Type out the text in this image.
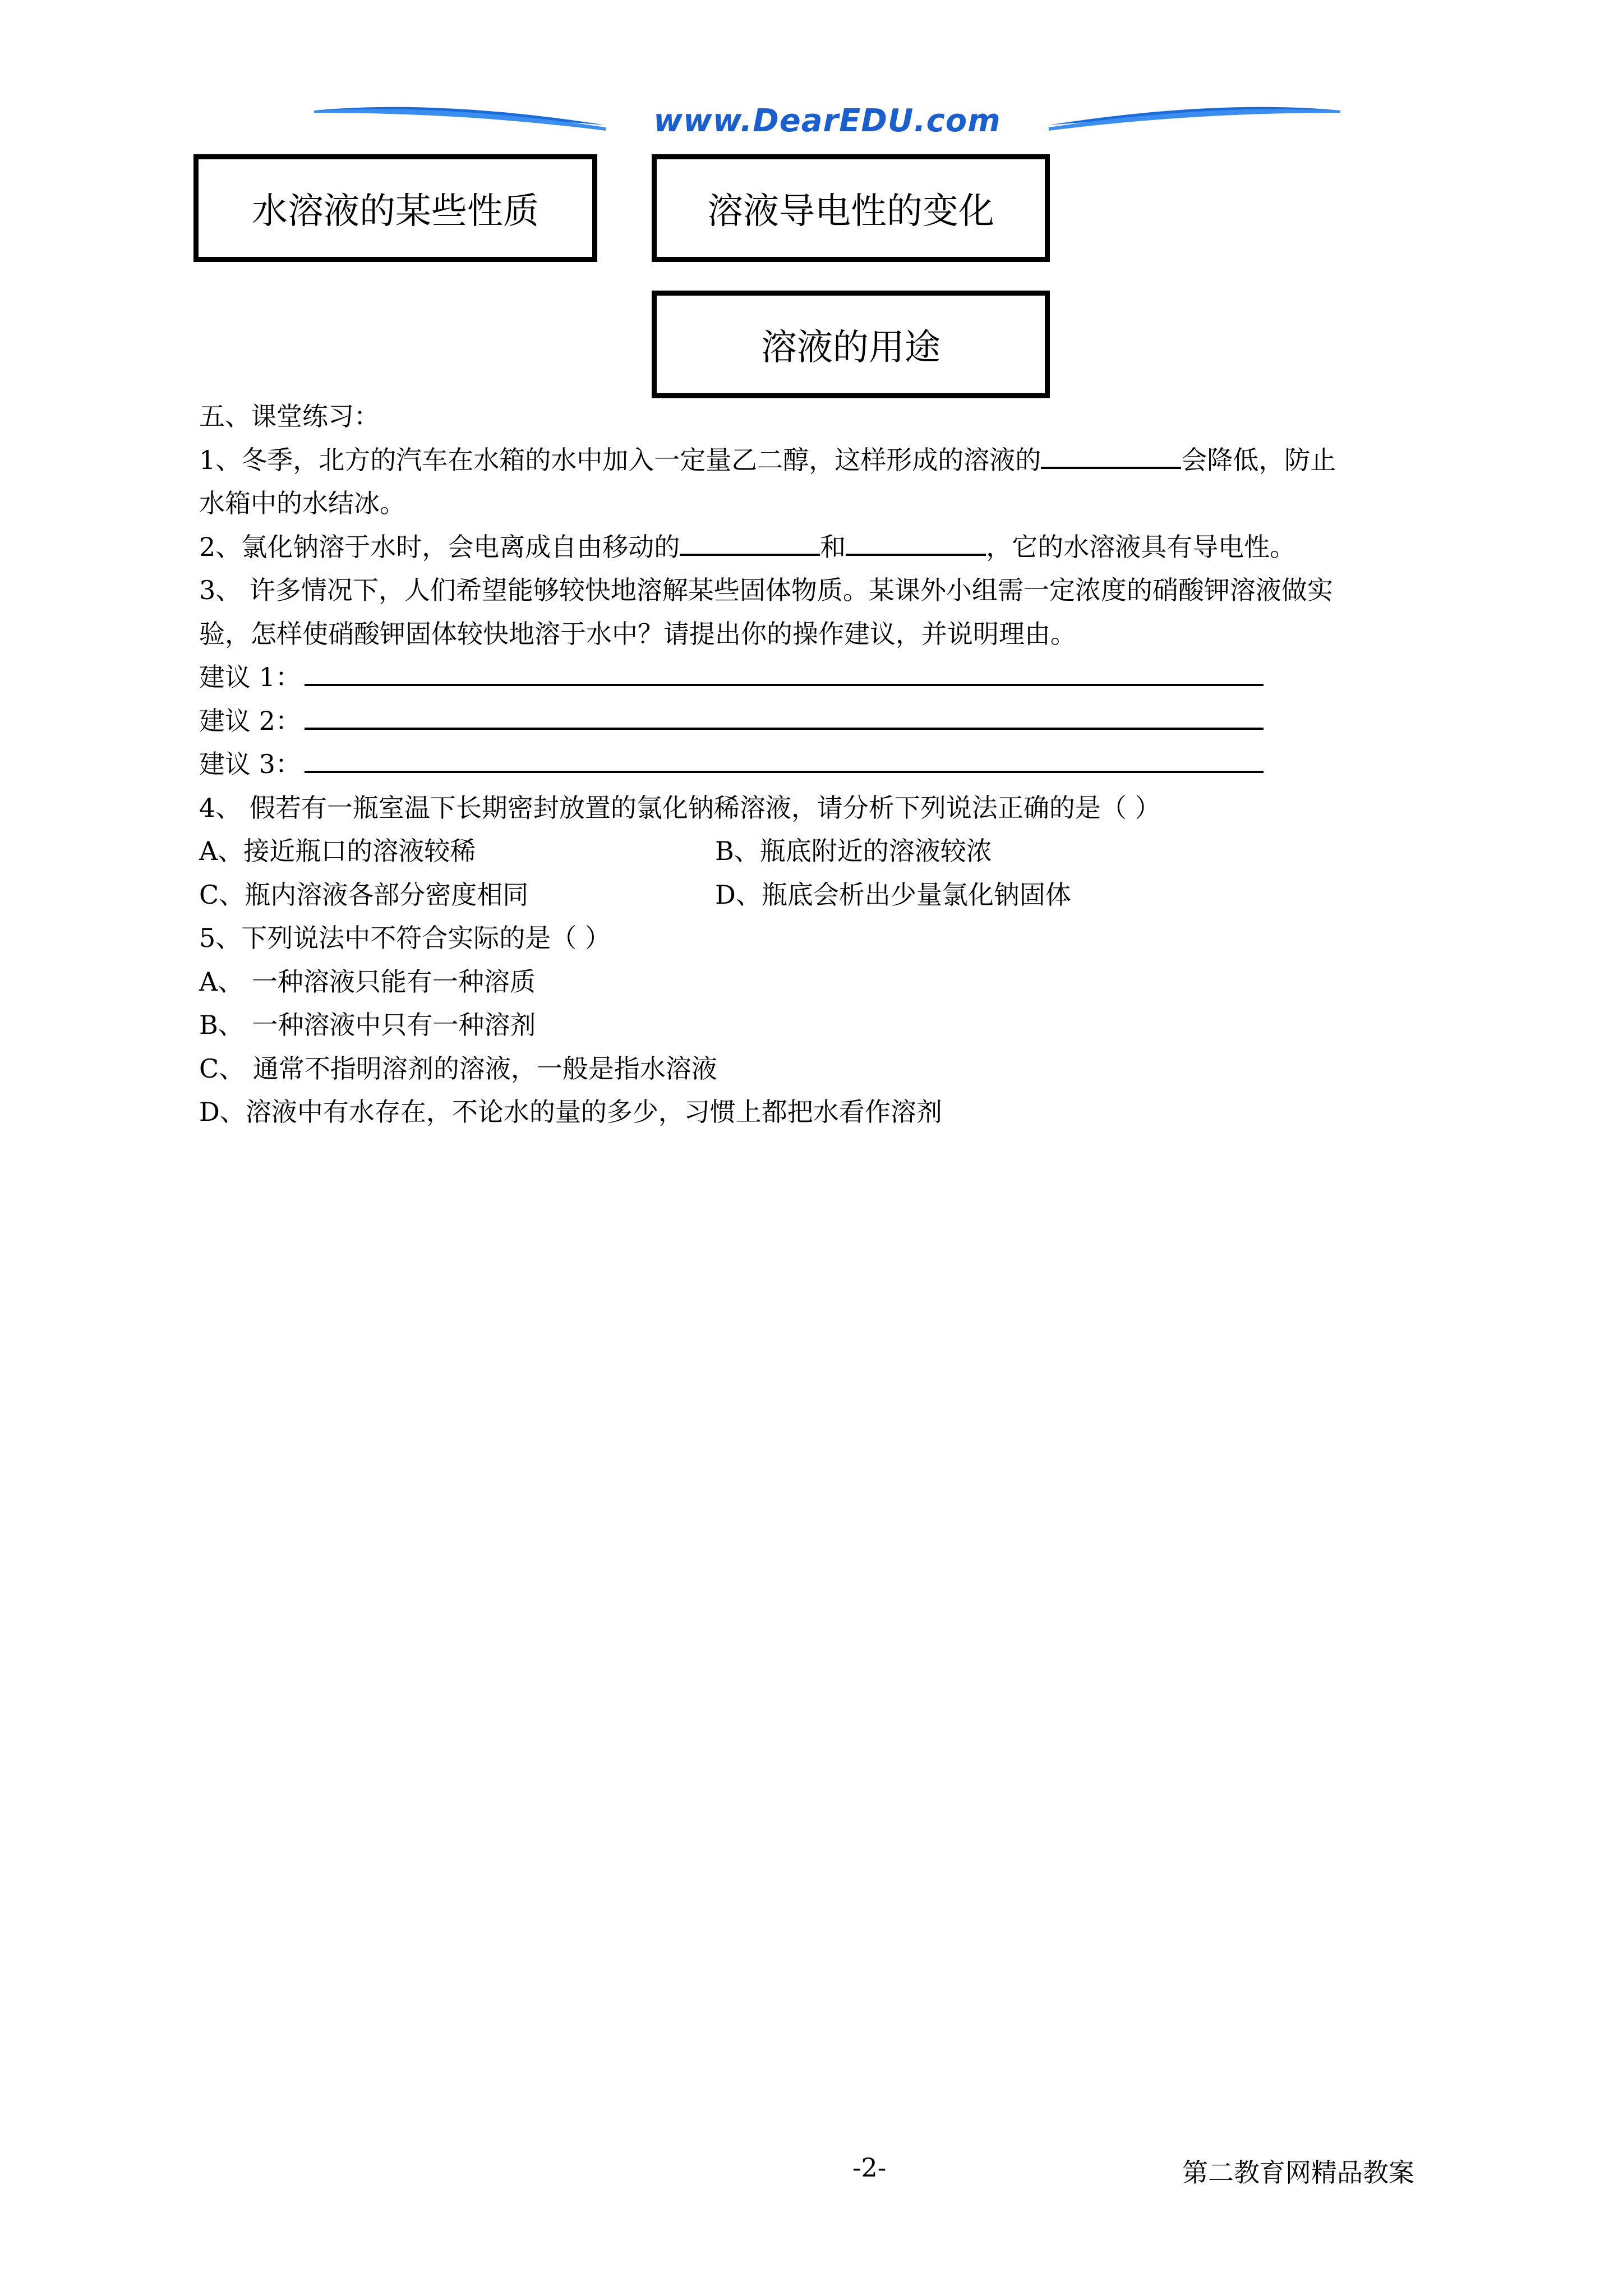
www.DearEDU.com
水溶液的某些性质	溶液导电性的变化
溶液的用途
五、课堂练习：
1、冬季，北方的汽车在水箱的水中加入一定量乙二醇，这样形成的溶液的	会降低，防止
水箱中的水结冰。
2、氯化钠溶于水时，会电离成自由移动的	和	，它的水溶液具有导电性。
3、 许多情况下，人们希望能够较快地溶解某些固体物质。某课外小组需一定浓度的硝酸钾溶液做实
验，怎样使硝酸钾固体较快地溶于水中？请提出你的操作建议，并说明理由。
建议 1：
建议 2：
建议 3：
4、 假若有一瓶室温下长期密封放置的氯化钠稀溶液，请分析下列说法正确的是（ ）
A、接近瓶口的溶液较稀	B、瓶底附近的溶液较浓
C、瓶内溶液各部分密度相同	D、瓶底会析出少量氯化钠固体
5、下列说法中不符合实际的是（ ）
A、 一种溶液只能有一种溶质
B、 一种溶液中只有一种溶剂
C、 通常不指明溶剂的溶液，一般是指水溶液
D、溶液中有水存在，不论水的量的多少，习惯上都把水看作溶剂
-2-	第二教育网精品教案
